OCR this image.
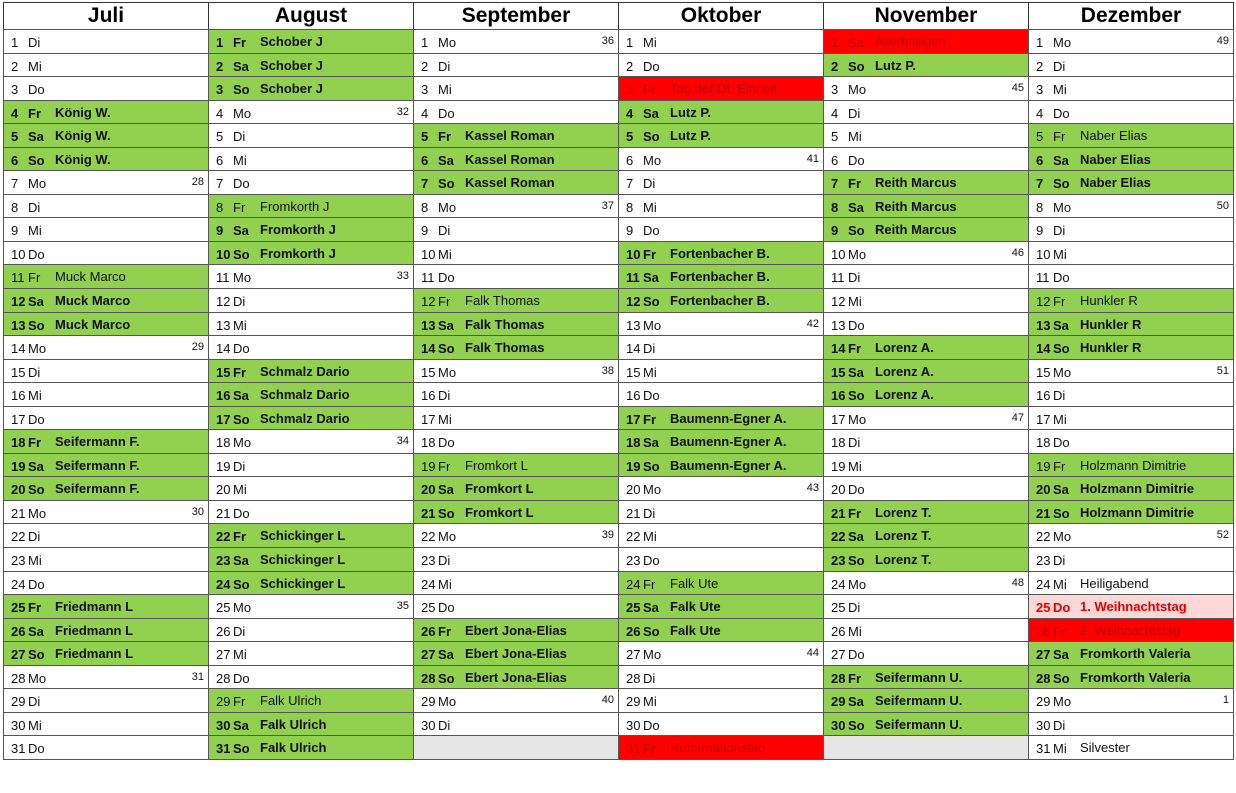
Juli
1 Di
2 Mi
3 Do
4 Fr König W.
5 Sa König W.
6 So König W.
7 Mo	28
8 Di
9 Mi
10 Do
11 Fr Muck Marco
12 Sa Muck Marco
13 So Muck Marco
14 Mo	29
15 Di
16 Mi
17 Do
18 Fr Seifermann F.
19 Sa Seifermann F.
20 So Seifermann F.
21 Mo	30
22 Di
23 Mi
24 Do
25 Fr Friedmann L
26 Sa Friedmann L
27 So Friedmann L
28 Mo	31
29 Di
30 Mi
31 Do
August
1 Fr Schober J
2 Sa Schober J
3 So Schober J
4 Mo	32
5 Di
6 Mi
7 Do
8 Fr Fromkorth J
9 Sa Fromkorth J
10 So Fromkorth J
11 Mo	33
12 Di
13 Mi
14 Do
15 Fr Schmalz Dario
16 Sa Schmalz Dario
17 So Schmalz Dario
18 Mo	34
19 Di
20 Mi
21 Do
22 Fr Schickinger L
23 Sa Schickinger L
24 So Schickinger L
25 Mo	35
26 Di
27 Mi
28 Do
29 Fr Falk Ulrich
30 Sa Falk Ulrich
31 So Falk Ulrich
September
1 Mo	36
2 Di
3 Mi
4 Do
5 Fr Kassel Roman
6 Sa Kassel Roman
7 So Kassel Roman
8 Mo	37
9 Di
10 Mi
11 Do
12 Fr Falk Thomas
13 Sa Falk Thomas
14 So Falk Thomas
15 Mo	38
16 Di
17 Mi
18 Do
19 Fr Fromkort L
20 Sa Fromkort L
21 So Fromkort L
22 Mo	39
23 Di
24 Mi
25 Do
26 Fr Ebert Jona-Elias
27 Sa Ebert Jona-Elias
28 So Ebert Jona-Elias
29 Mo	40
30 Di
Oktober
1 Mi
2 Do
3 Fr Tag der Dt. Einheit
4 Sa Lutz P.
5 So Lutz P.
6 Mo	41
7 Di
8 Mi
9 Do
10 Fr Fortenbacher B.
11 Sa Fortenbacher B.
12 So Fortenbacher B.
13 Mo	42
14 Di
15 Mi
16 Do
17 Fr Baumenn-Egner A.
18 Sa Baumenn-Egner A.
19 So Baumenn-Egner A.
20 Mo	43
21 Di
22 Mi
23 Do
24 Fr Falk Ute
25 Sa Falk Ute
26 So Falk Ute
27 Mo	44
28 Di
29 Mi
30 Do
31 Fr Reformationstag
November
1 Sa Allerheiligen
2 So Lutz P.
3 Mo	45
4 Di
5 Mi
6 Do
7 Fr Reith Marcus
8 Sa Reith Marcus
9 So Reith Marcus
10 Mo	46
11 Di
12 Mi
13 Do
14 Fr Lorenz A.
15 Sa Lorenz A.
16 So Lorenz A.
17 Mo	47
18 Di
19 Mi
20 Do
21 Fr Lorenz T.
22 Sa Lorenz T.
23 So Lorenz T.
24 Mo	48
25 Di
26 Mi
27 Do
28 Fr Seifermann U.
29 Sa Seifermann U.
30 So Seifermann U.
Dezember
1 Mo	49
2 Di
3 Mi
4 Do
5 Fr Naber Elias
6 Sa Naber Elias
7 So Naber Elias
8 Mo	50
9 Di
10 Mi
11 Do
12 Fr Hunkler R
13 Sa Hunkler R
14 So Hunkler R
15 Mo	51
16 Di
17 Mi
18 Do
19 Fr Holzmann Dimitrie
20 Sa Holzmann Dimitrie
21 So Holzmann Dimitrie
22 Mo	52
23 Di
24 Mi Heiligabend
25 Do 1. Weihnachtstag
26 Fr 2. Weihnachtstag
27 Sa Fromkorth Valeria
28 So Fromkorth Valeria
29 Mo	1
30 Di
31 Mi Silvester
